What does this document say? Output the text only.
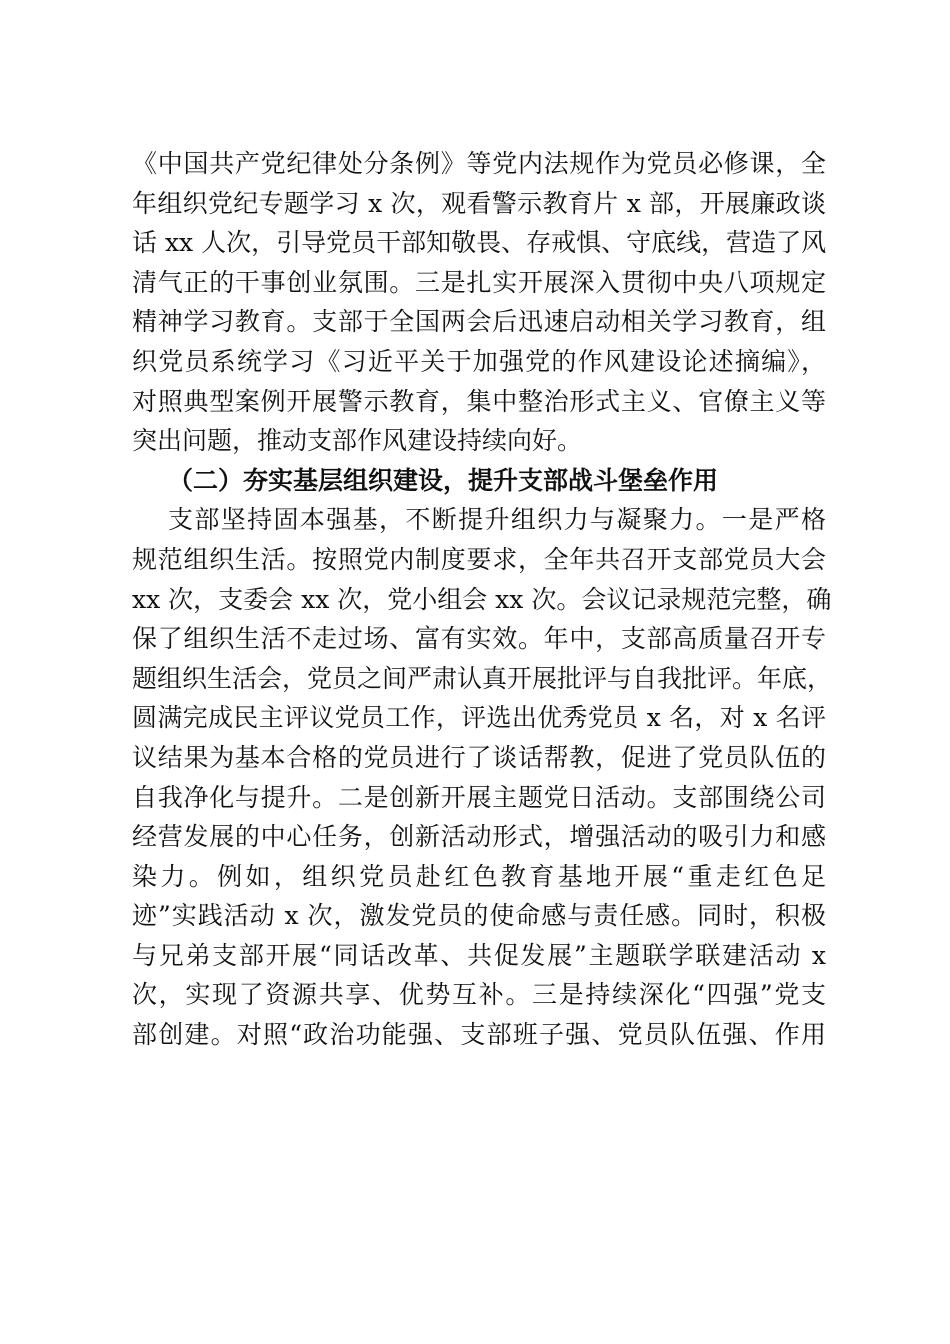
《中国共产党纪律处分条例》等党内法规作为党员必修课，全
年组织党纪专题学习 x 次，观看警示教育片 x 部，开展廉政谈
话 xx 人次，引导党员干部知敬畏、存戒惧、守底线，营造了风
清气正的干事创业氛围。三是扎实开展深入贯彻中央八项规定
精神学习教育。支部于全国两会后迅速启动相关学习教育，组
织党员系统学习《习近平关于加强党的作风建设论述摘编》，
对照典型案例开展警示教育，集中整治形式主义、官僚主义等
突出问题，推动支部作风建设持续向好。
（二）夯实基层组织建设，提升支部战斗堡垒作用
支部坚持固本强基，不断提升组织力与凝聚力。一是严格
规范组织生活。按照党内制度要求，全年共召开支部党员大会
xx 次，支委会 xx 次，党小组会 xx 次。会议记录规范完整，确
保了组织生活不走过场、富有实效。年中，支部高质量召开专
题组织生活会，党员之间严肃认真开展批评与自我批评。年底，
圆满完成民主评议党员工作，评选出优秀党员 x 名，对 x 名评
议结果为基本合格的党员进行了谈话帮教，促进了党员队伍的
自我净化与提升。二是创新开展主题党日活动。支部围绕公司
经营发展的中心任务，创新活动形式，增强活动的吸引力和感
染力。例如，组织党员赴红色教育基地开展“重走红色足
迹”实践活动 x 次，激发党员的使命感与责任感。同时，积极
与兄弟支部开展“同话改革、共促发展”主题联学联建活动 x
次，实现了资源共享、优势互补。三是持续深化“四强”党支
部创建。对照“政治功能强、支部班子强、党员队伍强、作用
